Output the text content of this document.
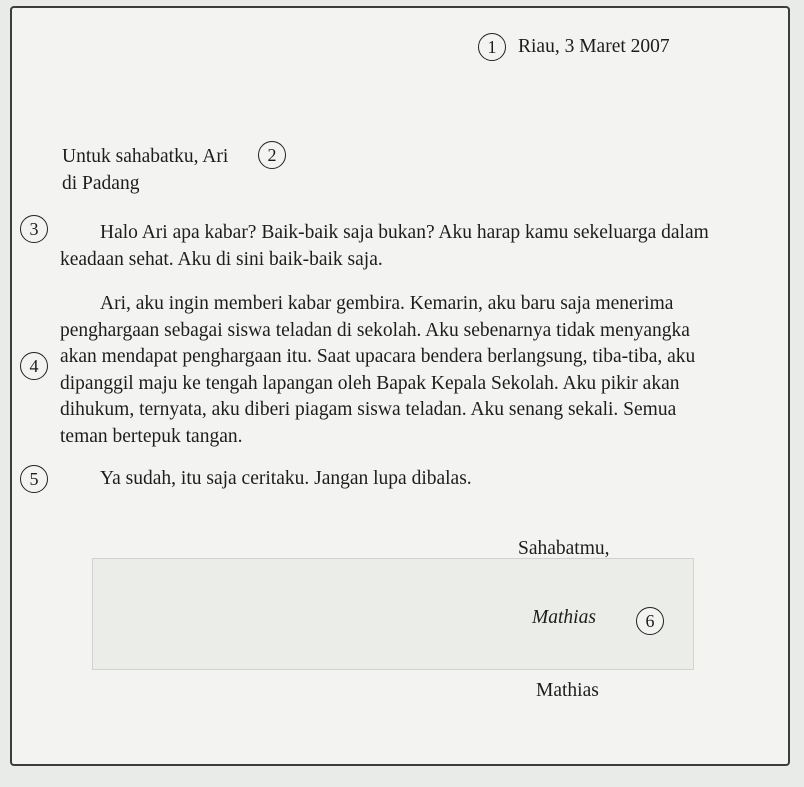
1	Riau, 3 Maret 2007
Untuk sahabatku, Ari	2
di Padang
3	Halo Ari apa kabar? Baik-baik saja bukan? Aku harap kamu sekeluarga dalam
keadaan sehat. Aku di sini baik-baik saja.
4
Ari, aku ingin memberi kabar gembira. Kemarin, aku baru saja menerima
penghargaan sebagai siswa teladan di sekolah. Aku sebenarnya tidak menyangka
akan mendapat penghargaan itu. Saat upacara bendera berlangsung, tiba-tiba, aku
dipanggil maju ke tengah lapangan oleh Bapak Kepala Sekolah. Aku pikir akan
dihukum, ternyata, aku diberi piagam siswa teladan. Aku senang sekali. Semua
teman bertepuk tangan.
5	Ya sudah, itu saja ceritaku. Jangan lupa dibalas.
Sahabatmu,
Mathias	6
Mathias
